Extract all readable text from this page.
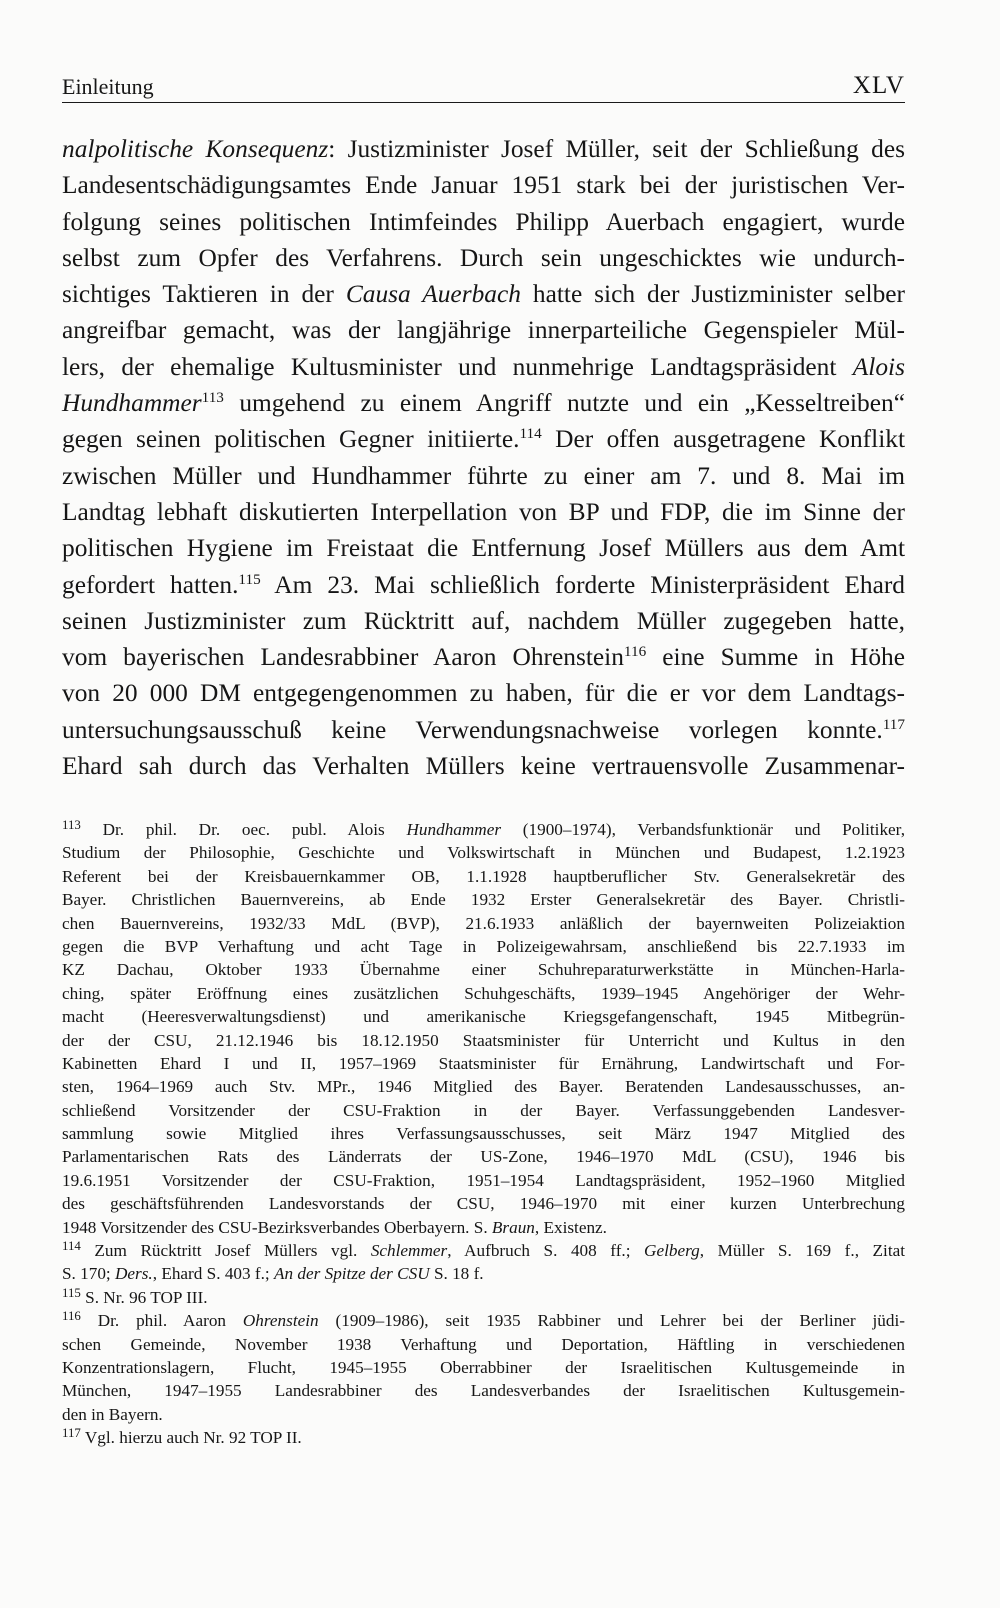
Einleitung	XLV
nalpolitische Konsequenz: Justizminister Josef Müller, seit der Schließung des
Landesentschädigungsamtes Ende Januar 1951 stark bei der juristischen Ver-
folgung seines politischen Intimfeindes Philipp Auerbach engagiert, wurde
selbst zum Opfer des Verfahrens. Durch sein ungeschicktes wie undurch-
sichtiges Taktieren in der Causa Auerbach hatte sich der Justizminister selber
angreifbar gemacht, was der langjährige innerparteiliche Gegenspieler Mül-
lers, der ehemalige Kultusminister und nunmehrige Landtagspräsident Alois
Hundhammer$^{113}$ umgehend zu einem Angriff nutzte und ein „Kesseltreiben“
gegen seinen politischen Gegner initiierte.$^{114}$ Der offen ausgetragene Konflikt
zwischen Müller und Hundhammer führte zu einer am 7. und 8. Mai im
Landtag lebhaft diskutierten Interpellation von BP und FDP, die im Sinne der
politischen Hygiene im Freistaat die Entfernung Josef Müllers aus dem Amt
gefordert hatten.$^{115}$ Am 23. Mai schließlich forderte Ministerpräsident Ehard
seinen Justizminister zum Rücktritt auf, nachdem Müller zugegeben hatte,
vom bayerischen Landesrabbiner Aaron Ohrenstein$^{116}$ eine Summe in Höhe
von 20 000 DM entgegengenommen zu haben, für die er vor dem Landtags-
untersuchungsausschuß keine Verwendungsnachweise vorlegen konnte.$^{117}$
Ehard sah durch das Verhalten Müllers keine vertrauensvolle Zusammenar-
$^{113}$ Dr. phil. Dr. oec. publ. Alois Hundhammer (1900–1974), Verbandsfunktionär und Politiker,
Studium der Philosophie, Geschichte und Volkswirtschaft in München und Budapest, 1.2.1923
Referent bei der Kreisbauernkammer OB, 1.1.1928 hauptberuflicher Stv. Generalsekretär des
Bayer. Christlichen Bauernvereins, ab Ende 1932 Erster Generalsekretär des Bayer. Christli-
chen Bauernvereins, 1932/33 MdL (BVP), 21.6.1933 anläßlich der bayernweiten Polizeiaktion
gegen die BVP Verhaftung und acht Tage in Polizeigewahrsam, anschließend bis 22.7.1933 im
KZ Dachau, Oktober 1933 Übernahme einer Schuhreparaturwerkstätte in München-Harla-
ching, später Eröffnung eines zusätzlichen Schuhgeschäfts, 1939–1945 Angehöriger der Wehr-
macht (Heeresverwaltungsdienst) und amerikanische Kriegsgefangenschaft, 1945 Mitbegrün-
der der CSU, 21.12.1946 bis 18.12.1950 Staatsminister für Unterricht und Kultus in den
Kabinetten Ehard I und II, 1957–1969 Staatsminister für Ernährung, Landwirtschaft und For-
sten, 1964–1969 auch Stv. MPr., 1946 Mitglied des Bayer. Beratenden Landesausschusses, an-
schließend Vorsitzender der CSU-Fraktion in der Bayer. Verfassunggebenden Landesver-
sammlung sowie Mitglied ihres Verfassungsausschusses, seit März 1947 Mitglied des
Parlamentarischen Rats des Länderrats der US-Zone, 1946–1970 MdL (CSU), 1946 bis
19.6.1951 Vorsitzender der CSU-Fraktion, 1951–1954 Landtagspräsident, 1952–1960 Mitglied
des geschäftsführenden Landesvorstands der CSU, 1946–1970 mit einer kurzen Unterbrechung
1948 Vorsitzender des CSU-Bezirksverbandes Oberbayern. S. Braun, Existenz.
$^{114}$ Zum Rücktritt Josef Müllers vgl. Schlemmer, Aufbruch S. 408 ff.; Gelberg, Müller S. 169 f., Zitat
S. 170; Ders., Ehard S. 403 f.; An der Spitze der CSU S. 18 f.
$^{115}$ S. Nr. 96 TOP III.
$^{116}$ Dr. phil. Aaron Ohrenstein (1909–1986), seit 1935 Rabbiner und Lehrer bei der Berliner jüdi-
schen Gemeinde, November 1938 Verhaftung und Deportation, Häftling in verschiedenen
Konzentrationslagern, Flucht, 1945–1955 Oberrabbiner der Israelitischen Kultusgemeinde in
München, 1947–1955 Landesrabbiner des Landesverbandes der Israelitischen Kultusgemein-
den in Bayern.
$^{117}$ Vgl. hierzu auch Nr. 92 TOP II.
